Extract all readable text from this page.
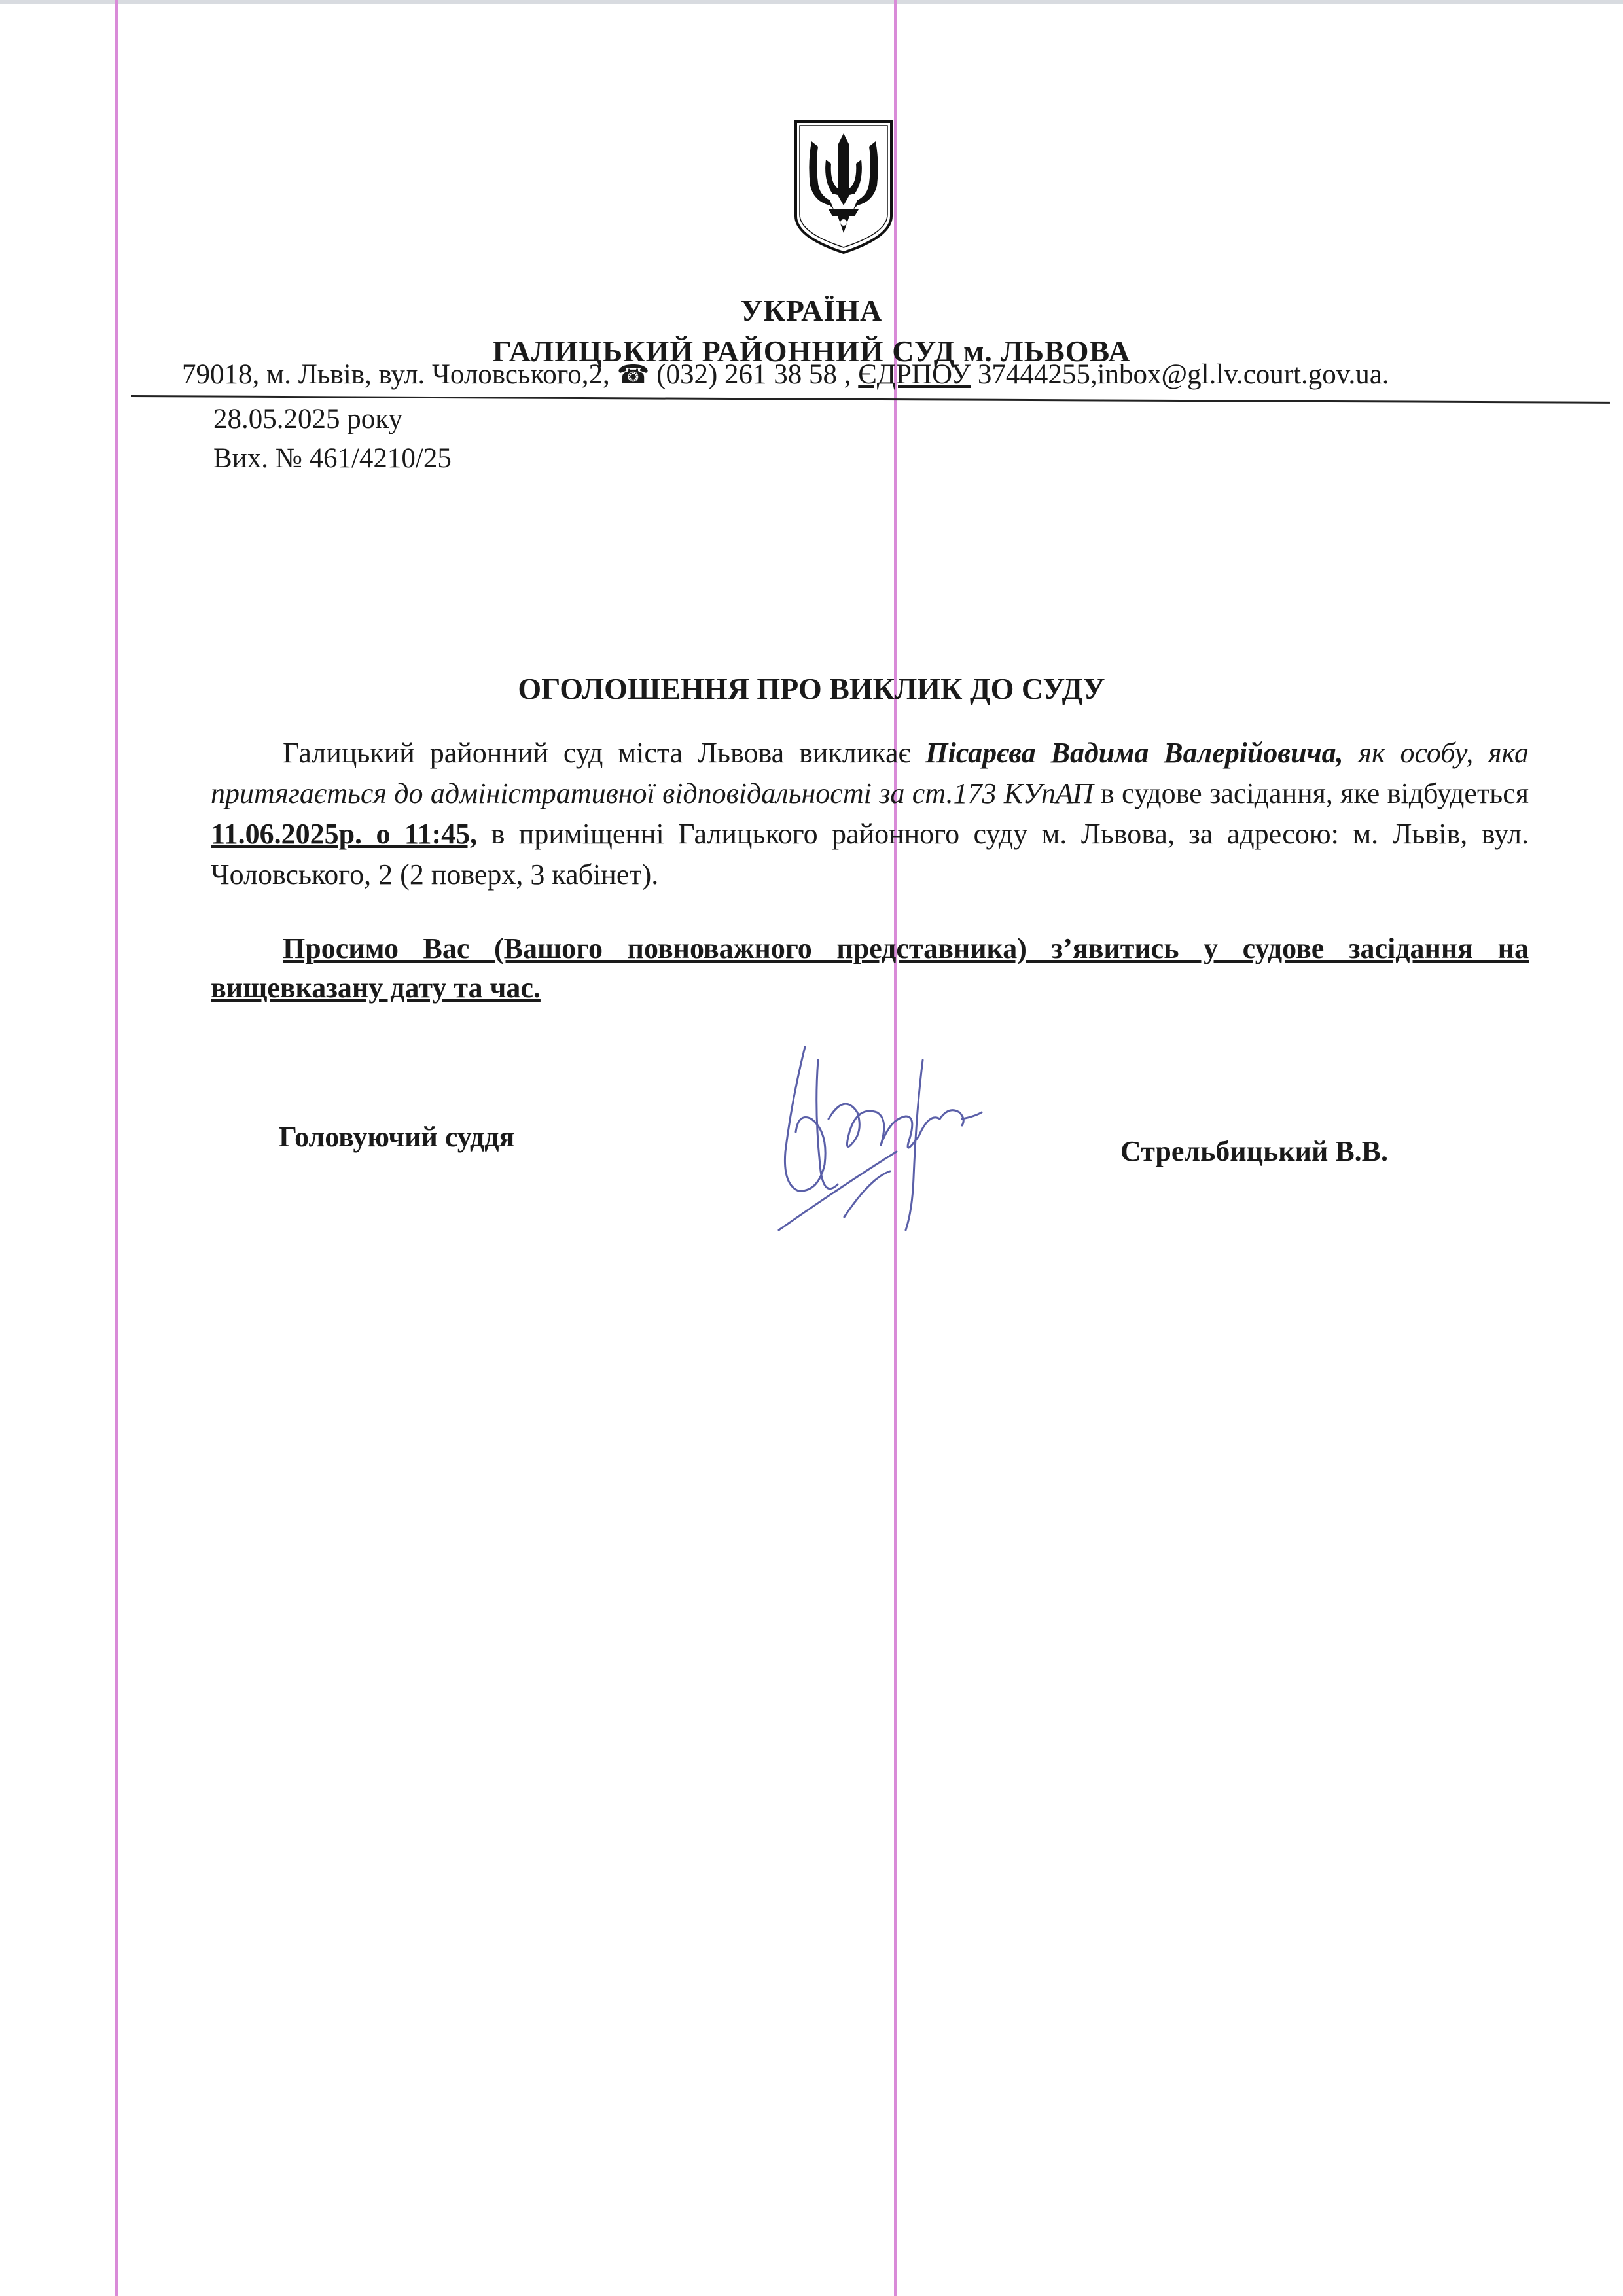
УКРАЇНА
ГАЛИЦЬКИЙ РАЙОННИЙ СУД м. ЛЬВОВА
79018, м. Львів, вул. Чоловського,2, ☎ (032) 261 38 58 , ЄДРПОУ 37444255,inbox@gl.lv.court.gov.ua.
28.05.2025 року
Вих. № 461/4210/25
ОГОЛОШЕННЯ ПРО ВИКЛИК ДО СУДУ
Галицький районний суд міста Львова викликає Пісарєва Вадима Валерійовича, як особу, яка притягається до адміністративної відповідальності за ст.173 КУпАП в судове засідання, яке відбудеться 11.06.2025р. о 11:45, в приміщенні Галицького районного суду м. Львова, за адресою: м. Львів, вул. Чоловського, 2 (2 поверх, 3 кабінет).
Просимо Вас (Вашого повноважного представника) з’явитись у судове засідання на вищевказану дату та час.
Головуючий суддя	Стрельбицький В.В.
